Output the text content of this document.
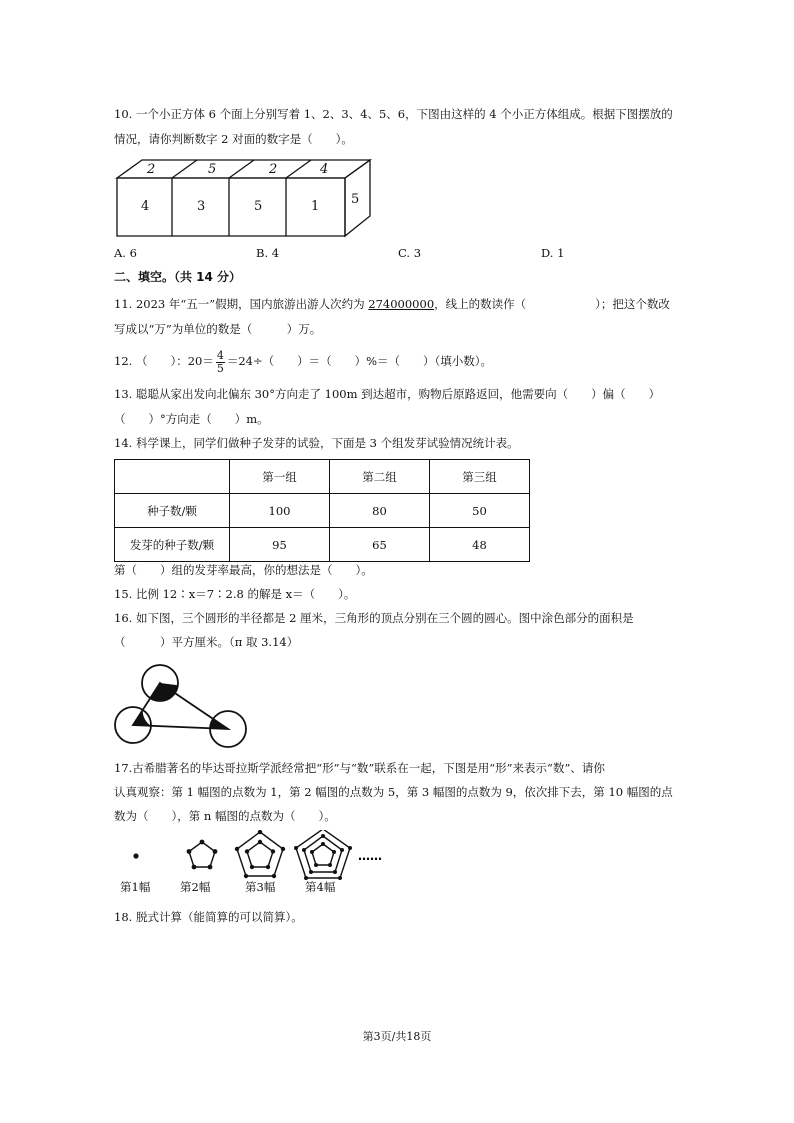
10. 一个小正方体 6 个面上分别写着 1、2、3、4、5、6，下图由这样的 4 个小正方体组成。根据下图摆放的
情况，请你判断数字 2 对面的数字是（　　）。
2	5	2	4
4	3	5	1 5
A. 6	B. 4	C. 3	D. 1
二、填空。（共 14 分）
11. 2023 年“五一”假期，国内旅游出游人次约为 274000000，线上的数读作（　　　　　　）；把这个数改
写成以“万”为单位的数是（　　　）万。
12. （　　）：$20= \frac{4}{5} =24\div$（　　）＝（　　）%＝（　　）（填小数）。
13. 聪聪从家出发向北偏东 30°方向走了 100m 到达超市，购物后原路返回，他需要向（　　）偏（　　）
（　　）°方向走（　　）m。
14. 科学课上，同学们做种子发芽的试验，下面是 3 个组发芽试验情况统计表。
	第一组	第二组	第三组
种子数/颗	100	80	50
发芽的种子数/颗	95	65	48
第（　　）组的发芽率最高，你的想法是（　　）。
15. 比例 12∶x＝7∶2.8 的解是 x＝（　　）。
16. 如下图，三个圆形的半径都是 2 厘米，三角形的顶点分别在三个圆的圆心。图中涂色部分的面积是
（　　　）平方厘米。（π 取 3.14）
17.古希腊著名的毕达哥拉斯学派经常把“形”与“数”联系在一起，下图是用“形”来表示“数”、请你
认真观察：第 1 幅图的点数为 1，第 2 幅图的点数为 5，第 3 幅图的点数为 9，依次排下去，第 10 幅图的点
数为（　　），第 n 幅图的点数为（　　）。
……
第1幅	第2幅	第3幅	第4幅
18. 脱式计算（能简算的可以简算）。
第3页/共18页
